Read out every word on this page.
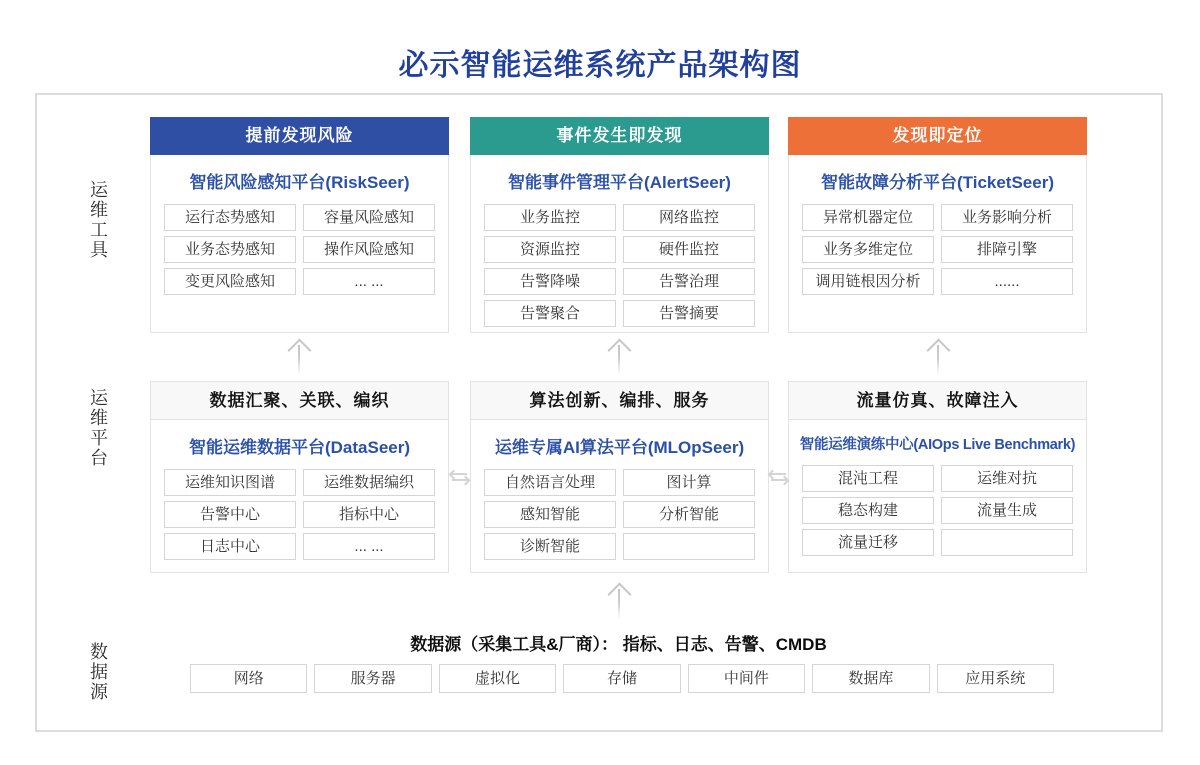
必示智能运维系统产品架构图
运维工具
运维平台
数据源
提前发现风险
智能风险感知平台(RiskSeer)
运行态势感知	容量风险感知
业务态势感知	操作风险感知
变更风险感知	... ...
事件发生即发现
智能事件管理平台(AlertSeer)
业务监控	网络监控
资源监控	硬件监控
告警降噪	告警治理
告警聚合	告警摘要
发现即定位
智能故障分析平台(TicketSeer)
异常机器定位	业务影响分析
业务多维定位	排障引擎
调用链根因分析	......
数据汇聚、关联、编织
智能运维数据平台(DataSeer)
运维知识图谱	运维数据编织
告警中心	指标中心
日志中心	... ...
算法创新、编排、服务
运维专属AI算法平台(MLOpSeer)
自然语言处理	图计算
感知智能	分析智能
诊断智能
流量仿真、故障注入
智能运维演练中心(AIOps Live Benchmark)
混沌工程	运维对抗
稳态构建	流量生成
流量迁移
数据源（采集工具&厂商）： 指标、日志、告警、CMDB
网络	服务器	虚拟化	存储	中间件	数据库	应用系统
